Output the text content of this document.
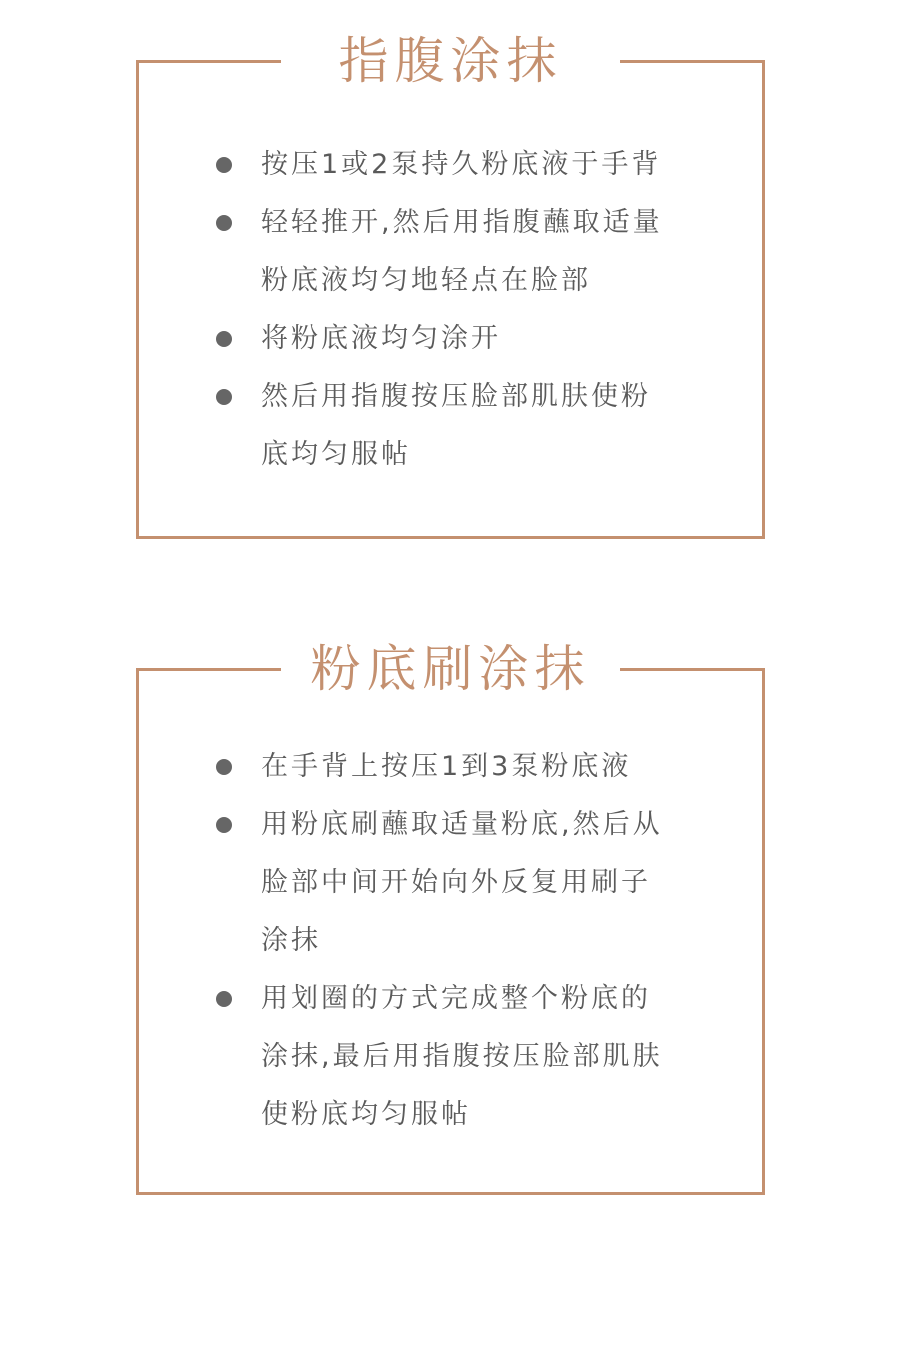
指腹涂抹
按压1或2泵持久粉底液于手背
轻轻推开,然后用指腹蘸取适量
粉底液均匀地轻点在脸部
将粉底液均匀涂开
然后用指腹按压脸部肌肤使粉
底均匀服帖
粉底刷涂抹
在手背上按压1到3泵粉底液
用粉底刷蘸取适量粉底,然后从
脸部中间开始向外反复用刷子
涂抹
用划圈的方式完成整个粉底的
涂抹,最后用指腹按压脸部肌肤
使粉底均匀服帖
